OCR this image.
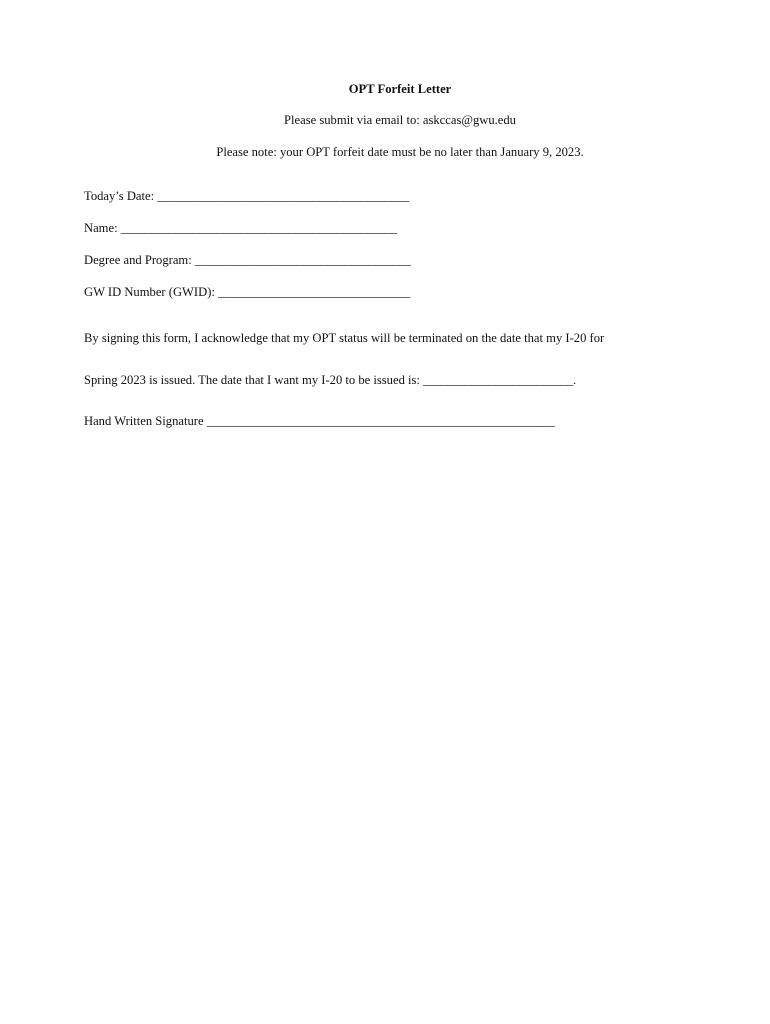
OPT Forfeit Letter
Please submit via email to: askccas@gwu.edu
Please note: your OPT forfeit date must be no later than January 9, 2023.
Today’s Date: __________________________________________
Name: ______________________________________________
Degree and Program: ____________________________________
GW ID Number (GWID): ________________________________
By signing this form, I acknowledge that my OPT status will be terminated on the date that my I-20 for
Spring 2023 is issued. The date that I want my I-20 to be issued is: _________________________.
Hand Written Signature __________________________________________________________
